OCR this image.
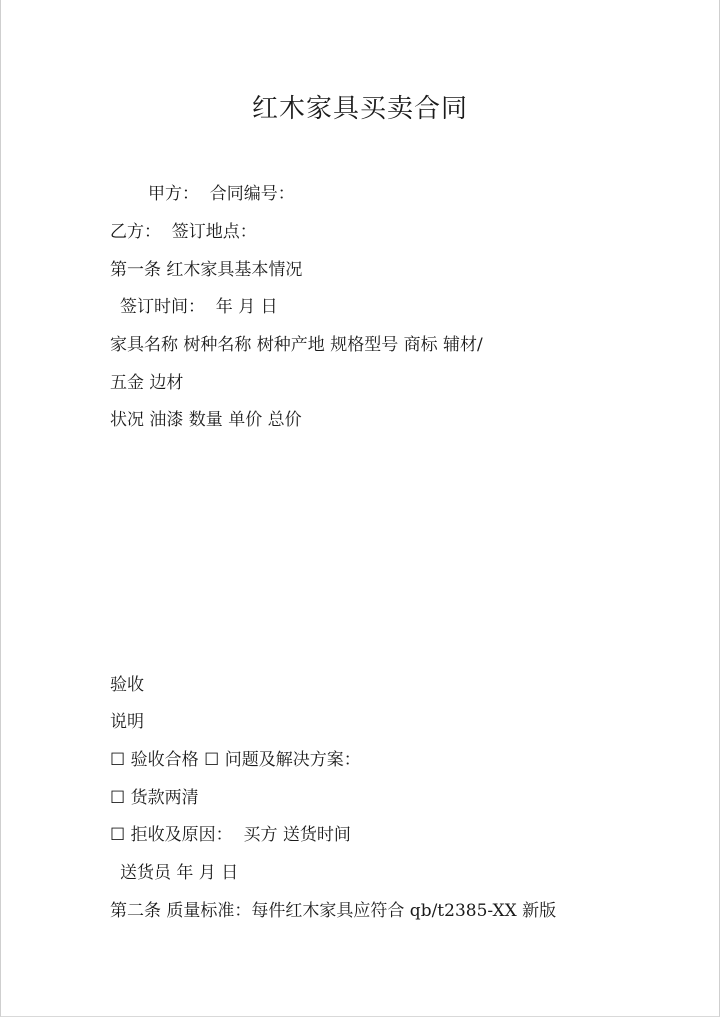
红木家具买卖合同

甲方：  合同编号：

乙方：  签订地点：

第一条 红木家具基本情况

签订时间：  年 月 日

家具名称 树种名称 树种产地 规格型号 商标 辅材/

五金 边材

状况 油漆 数量 单价 总价

验收

说明

☐ 验收合格 ☐ 问题及解决方案：

☐ 货款两清

☐ 拒收及原因：  买方 送货时间

送货员 年 月 日

第二条 质量标准：每件红木家具应符合 qb/t2385-XX 新版
